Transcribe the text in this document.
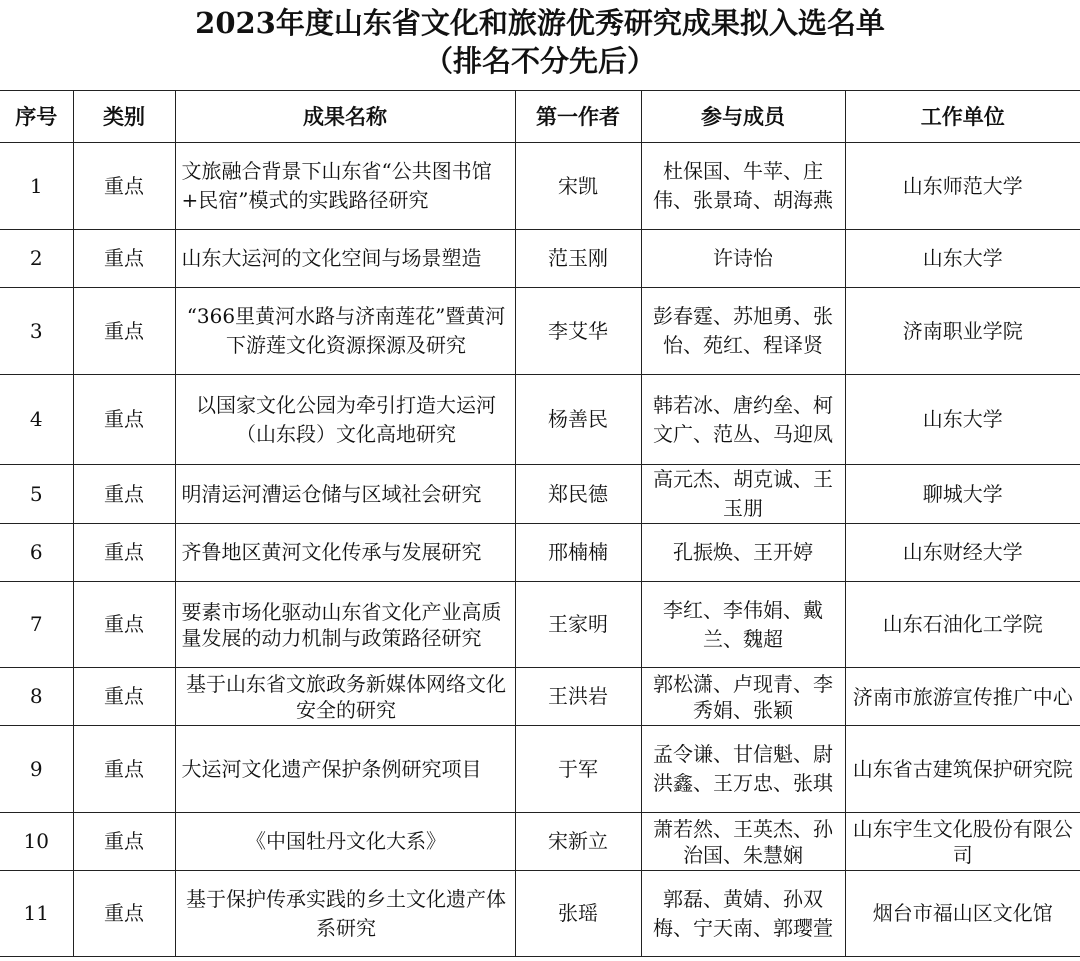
2023年度山东省文化和旅游优秀研究成果拟入选名单
（排名不分先后）
序号	类别	成果名称	第一作者	参与成员	工作单位
1	重点	文旅融合背景下山东省“公共图书馆+民宿”模式的实践路径研究	宋凯	杜保国、牛苹、庄伟、张景琦、胡海燕	山东师范大学
2	重点	山东大运河的文化空间与场景塑造	范玉刚	许诗怡	山东大学
3	重点	“366里黄河水路与济南莲花”暨黄河下游莲文化资源探源及研究	李艾华	彭春霆、苏旭勇、张怡、苑红、程译贤	济南职业学院
4	重点	以国家文化公园为牵引打造大运河（山东段）文化高地研究	杨善民	韩若冰、唐约垒、柯文广、范丛、马迎凤	山东大学
5	重点	明清运河漕运仓储与区域社会研究	郑民德	高元杰、胡克诚、王玉朋	聊城大学
6	重点	齐鲁地区黄河文化传承与发展研究	邢楠楠	孔振焕、王开婷	山东财经大学
7	重点	要素市场化驱动山东省文化产业高质量发展的动力机制与政策路径研究	王家明	李红、李伟娟、戴兰、魏超	山东石油化工学院
8	重点	基于山东省文旅政务新媒体网络文化安全的研究	王洪岩	郭松潇、卢现青、李秀娟、张颖	济南市旅游宣传推广中心
9	重点	大运河文化遗产保护条例研究项目	于军	孟令谦、甘信魁、尉洪鑫、王万忠、张琪	山东省古建筑保护研究院
10	重点	《中国牡丹文化大系》	宋新立	萧若然、王英杰、孙治国、朱慧娴	山东宇生文化股份有限公司
11	重点	基于保护传承实践的乡土文化遗产体系研究	张瑶	郭磊、黄婧、孙双梅、宁天南、郭璎萱	烟台市福山区文化馆
